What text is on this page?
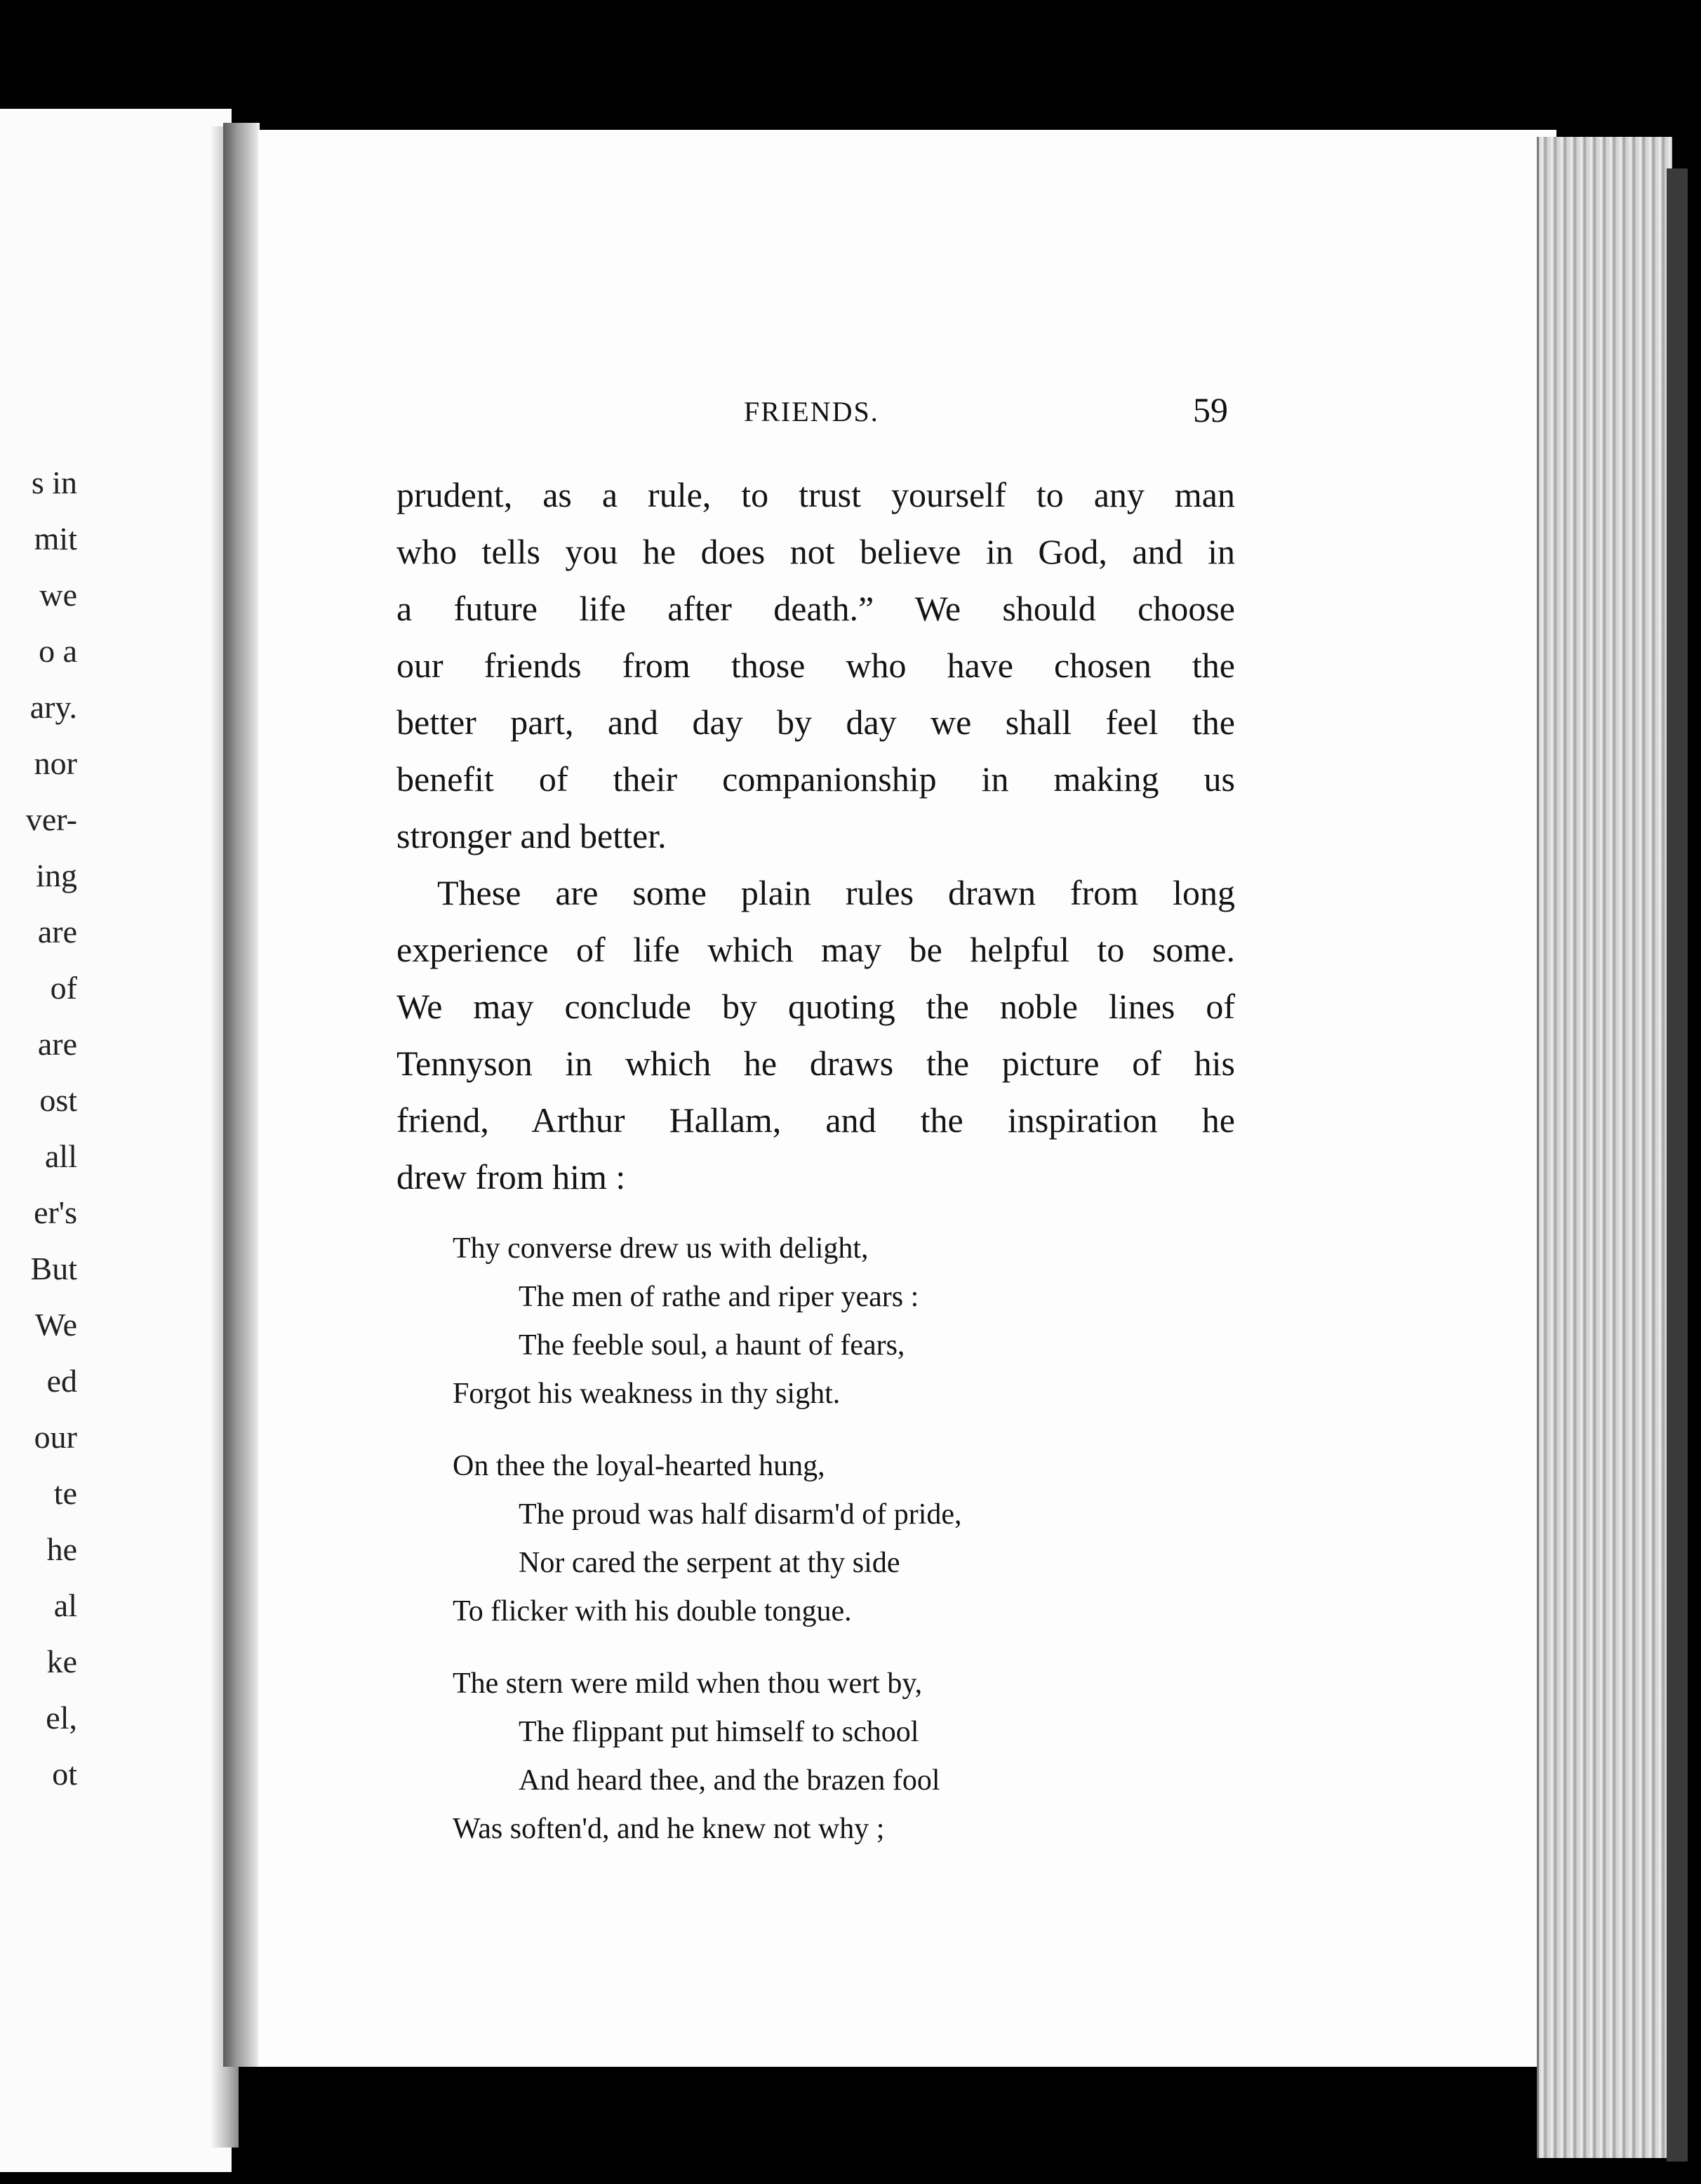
s in
mit
we
o a
ary.
nor
ver-
ing
are
of
are
ost
all
er's
But
We
ed
our
te
he
al
ke
el,
ot
FRIENDS.	59
prudent, as a rule, to trust yourself to any man
who tells you he does not believe in God, and in
a future life after death.” We should choose
our friends from those who have chosen the
better part, and day by day we shall feel the
benefit of their companionship in making us
stronger and better.
These are some plain rules drawn from long
experience of life which may be helpful to some.
We may conclude by quoting the noble lines of
Tennyson in which he draws the picture of his
friend, Arthur Hallam, and the inspiration he
drew from him :
Thy converse drew us with delight,
The men of rathe and riper years :
The feeble soul, a haunt of fears,
Forgot his weakness in thy sight.
On thee the loyal-hearted hung,
The proud was half disarm'd of pride,
Nor cared the serpent at thy side
To flicker with his double tongue.
The stern were mild when thou wert by,
The flippant put himself to school
And heard thee, and the brazen fool
Was soften'd, and he knew not why ;
